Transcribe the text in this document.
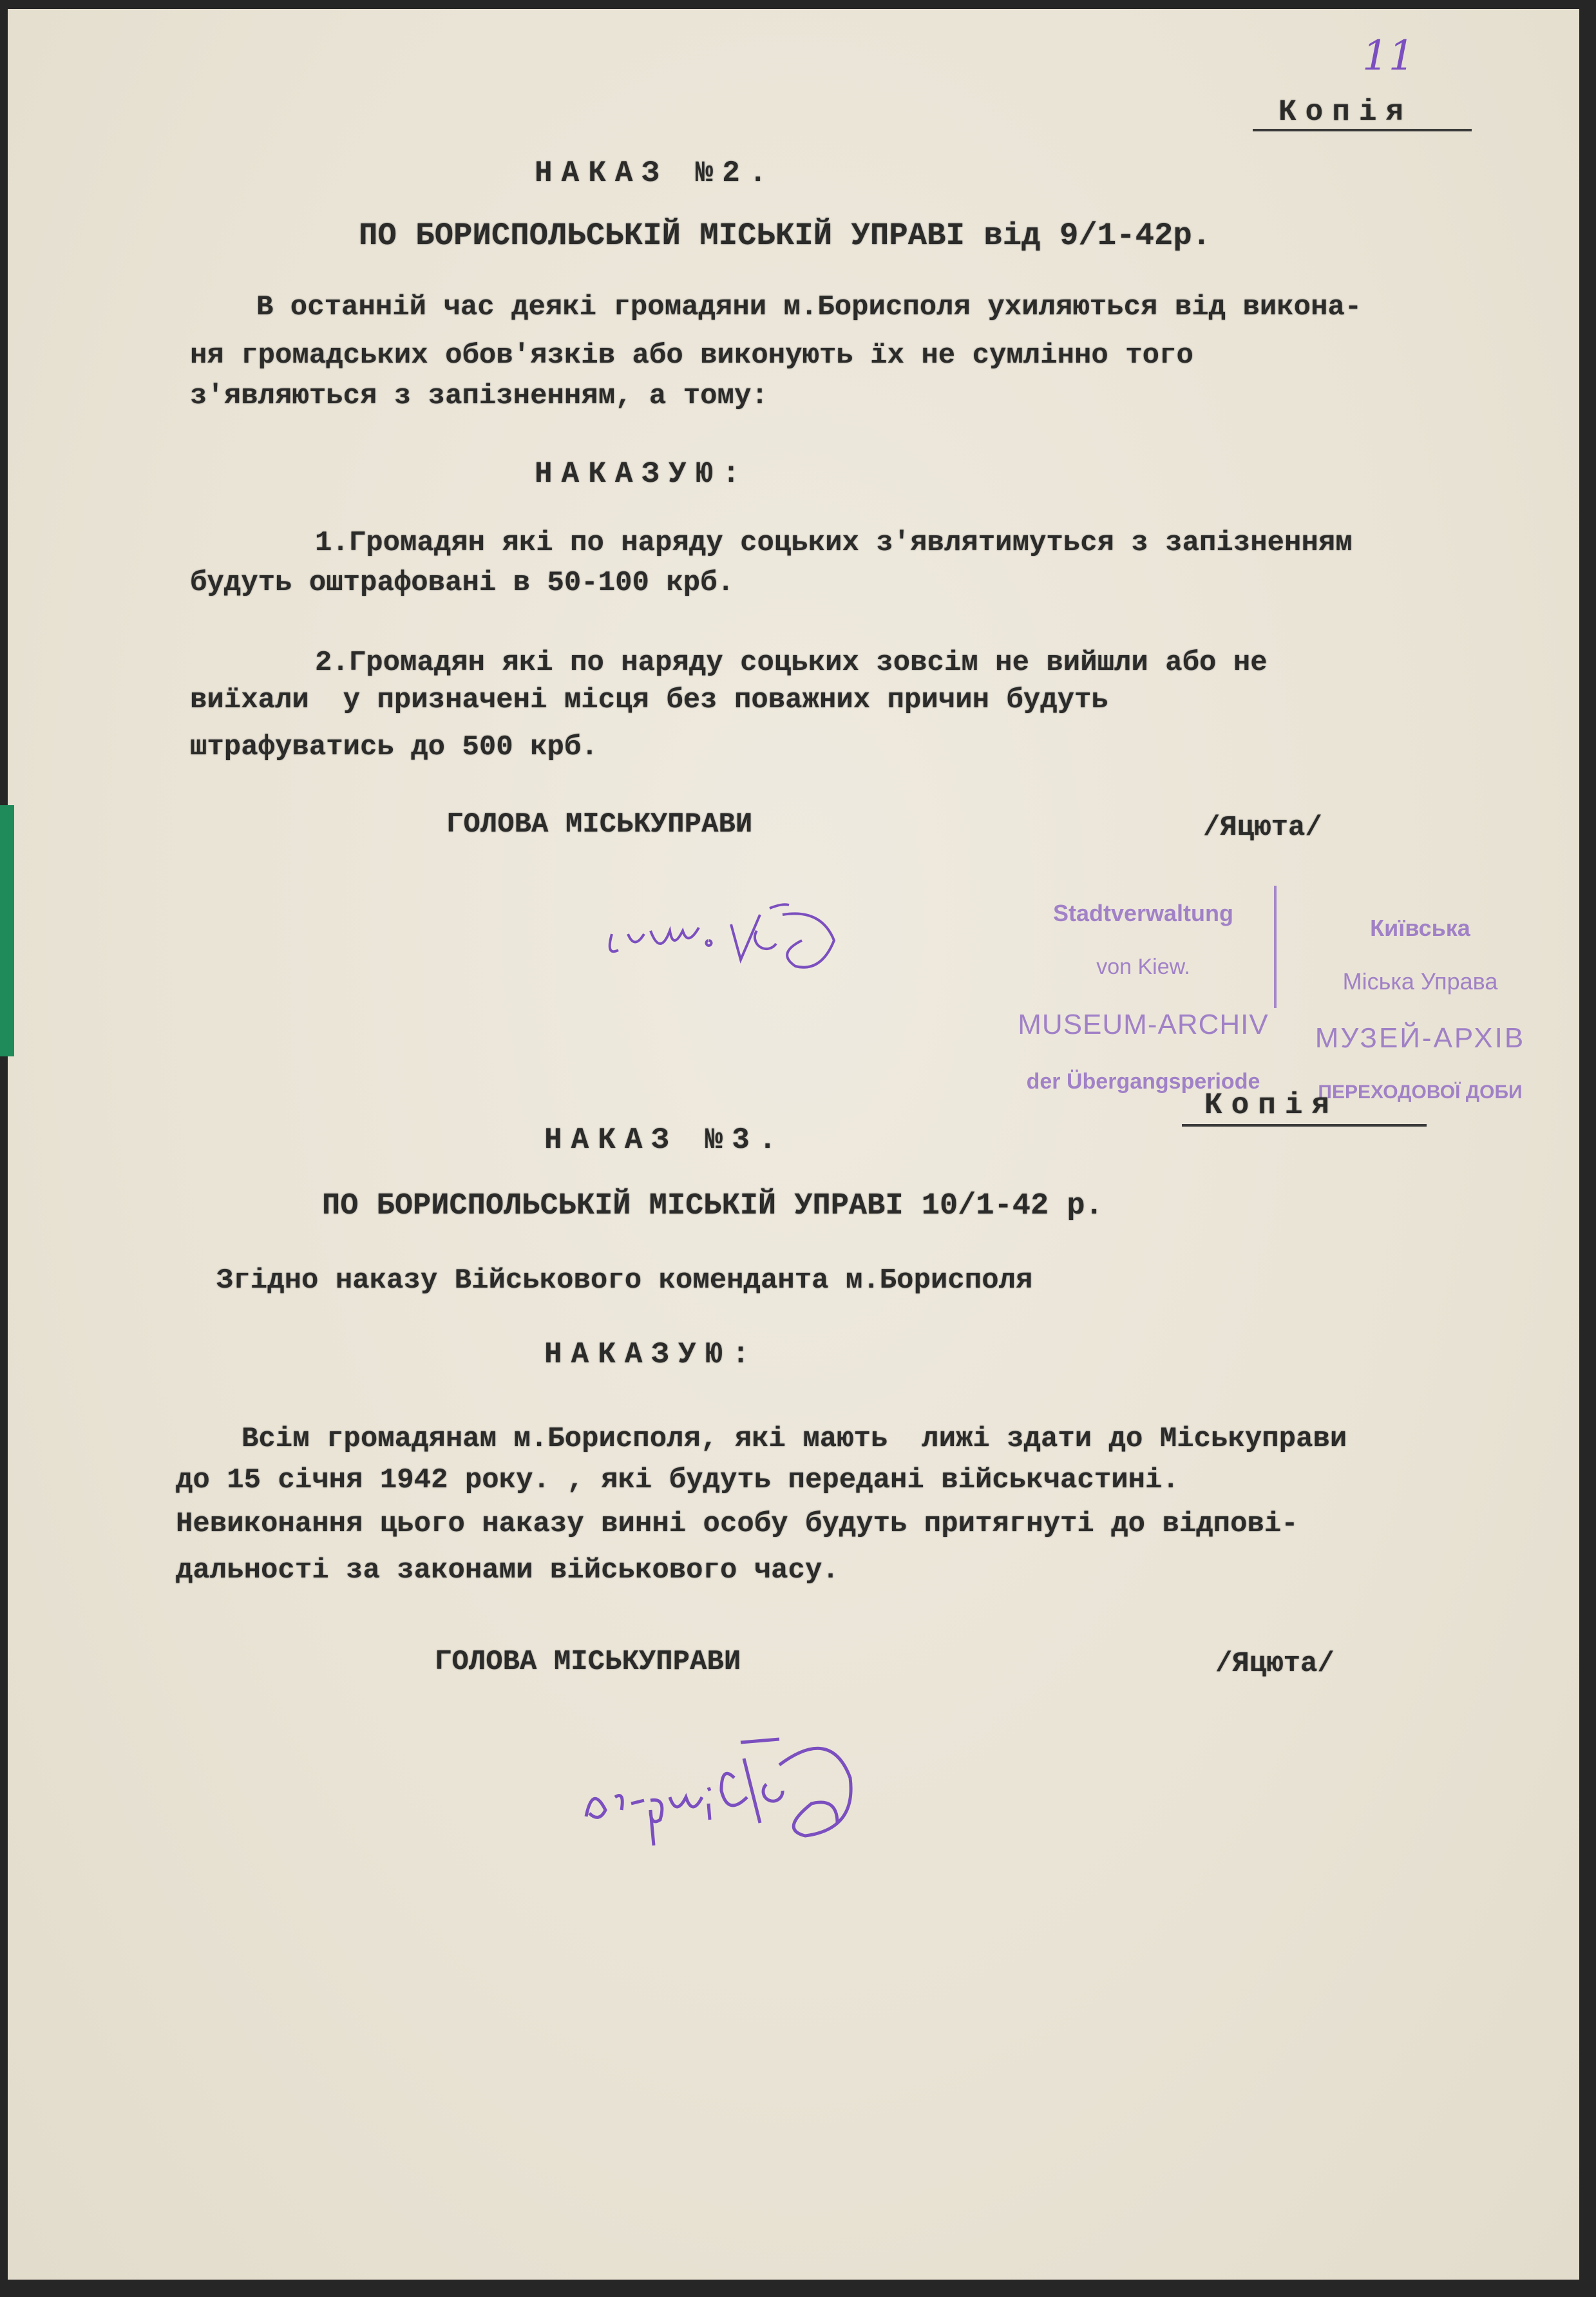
11
Копія
НАКАЗ №2.
ПО БОРИСПОЛЬСЬКІЙ МІСЬКІЙ УПРАВІ від 9/1-42р.
В останній час деякі громадяни м.Борисполя ухиляються від викона-
ня громадських обов'язків або виконують їх не сумлінно того
з'являються з запізненням, а тому:
НАКАЗУЮ:
1.Громадян які по наряду соцьких з'являтимуться з запізненням
будуть оштрафовані в 50-100 крб.
2.Громадян які по наряду соцьких зовсім не вийшли або не
виїхали  у призначені місця без поважних причин будуть
штрафуватись до 500 крб.
ГОЛОВА МІСЬКУПРАВИ	/Яцюта/

Stadtverwaltung

von Kiew.

MUSEUM-ARCHIV

der Übergangsperiode

Київська

Міська Управа

МУЗЕЙ-АРХІВ

ПЕРЕХОДОВОЇ ДОБИ

Копія
НАКАЗ №3.
ПО БОРИСПОЛЬСЬКІЙ МІСЬКІЙ УПРАВІ 10/1-42 р.
Згідно наказу Військового коменданта м.Борисполя
НАКАЗУЮ:
Всім громадянам м.Борисполя, які мають  лижі здати до Міськуправи
до 15 січня 1942 року. , які будуть передані військчастині.
Невиконання цього наказу винні особу будуть притягнуті до відпові-
дальності за законами військового часу.
ГОЛОВА МІСЬКУПРАВИ	/Яцюта/
